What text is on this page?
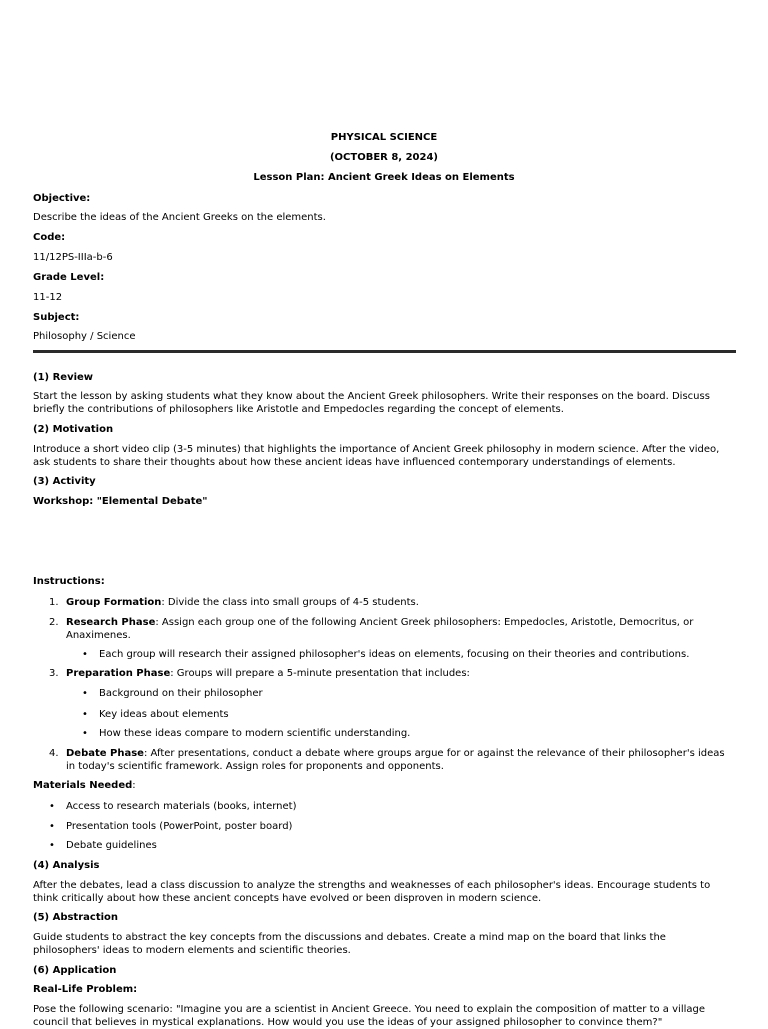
PHYSICAL SCIENCE
(OCTOBER 8, 2024)
Lesson Plan: Ancient Greek Ideas on Elements
Objective:
Describe the ideas of the Ancient Greeks on the elements.
Code:
11/12PS-IIIa-b-6
Grade Level:
11-12
Subject:
Philosophy / Science
(1) Review
Start the lesson by asking students what they know about the Ancient Greek philosophers. Write their responses on the board. Discuss briefly the contributions of philosophers like Aristotle and Empedocles regarding the concept of elements.
(2) Motivation
Introduce a short video clip (3-5 minutes) that highlights the importance of Ancient Greek philosophy in modern science. After the video, ask students to share their thoughts about how these ancient ideas have influenced contemporary understandings of elements.
(3) Activity
Workshop: "Elemental Debate"
Instructions:
1. Group Formation: Divide the class into small groups of 4-5 students.
2. Research Phase: Assign each group one of the following Ancient Greek philosophers: Empedocles, Aristotle, Democritus, or Anaximenes.
• Each group will research their assigned philosopher's ideas on elements, focusing on their theories and contributions.
3. Preparation Phase: Groups will prepare a 5-minute presentation that includes:
• Background on their philosopher
• Key ideas about elements
• How these ideas compare to modern scientific understanding.
4. Debate Phase: After presentations, conduct a debate where groups argue for or against the relevance of their philosopher's ideas in today's scientific framework. Assign roles for proponents and opponents.
Materials Needed:
• Access to research materials (books, internet)
• Presentation tools (PowerPoint, poster board)
• Debate guidelines
(4) Analysis
After the debates, lead a class discussion to analyze the strengths and weaknesses of each philosopher's ideas. Encourage students to think critically about how these ancient concepts have evolved or been disproven in modern science.
(5) Abstraction
Guide students to abstract the key concepts from the discussions and debates. Create a mind map on the board that links the philosophers' ideas to modern elements and scientific theories.
(6) Application
Real-Life Problem:
Pose the following scenario: "Imagine you are a scientist in Ancient Greece. You need to explain the composition of matter to a village council that believes in mystical explanations. How would you use the ideas of your assigned philosopher to convince them?"
